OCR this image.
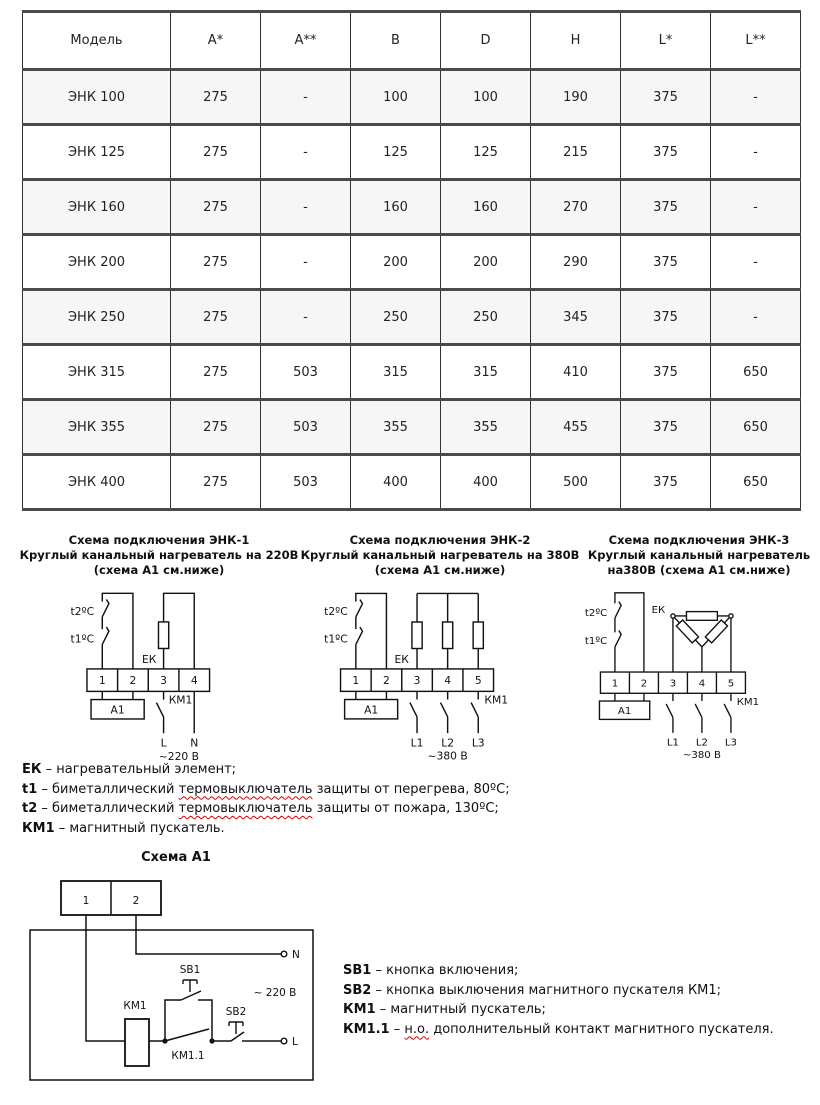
Модель	A*	A**	B	D	H	L*	L**
ЭНК 100	275	-	100	100	190	375	-
ЭНК 125	275	-	125	125	215	375	-
ЭНК 160	275	-	160	160	270	375	-
ЭНК 200	275	-	200	200	290	375	-
ЭНК 250	275	-	250	250	345	375	-
ЭНК 315	275	503	315	315	410	375	650
ЭНК 355	275	503	355	355	455	375	650
ЭНК 400	275	503	400	400	500	375	650
Схема подключения ЭНК-1
Круглый канальный нагреватель на 220В
(схема А1 см.ниже)
t2ºC
t1ºC
ЕК
1 2 3 4
А1
КМ1
L N
~220 В
Схема подключения ЭНК-2
Круглый канальный нагреватель на 380В
(схема А1 см.ниже)
t2ºC
t1ºC
ЕК
1 2 3 4 5
А1
КМ1
L1 L2 L3
~380 В
Схема подключения ЭНК-3
Круглый канальный нагреватель
на380В (схема А1 см.ниже)
t2ºC
t1ºC
ЕК
1 2 3 4 5
А1
КМ1
L1 L2 L3
~380 В
ЕК – нагревательный элемент;
t1 – биметаллический термовыключатель защиты от перегрева, 80ºС;
t2 – биметаллический термовыключатель защиты от пожара, 130ºС;
КМ1 – магнитный пускатель.
Схема А1
1	2
КМ1
SB1
SB2
КМ1.1
N
L
~ 220 В
SB1 – кнопка включения;
SB2 – кнопка выключения магнитного пускателя КМ1;
КМ1 – магнитный пускатель;
КМ1.1 – н.о. дополнительный контакт магнитного пускателя.
